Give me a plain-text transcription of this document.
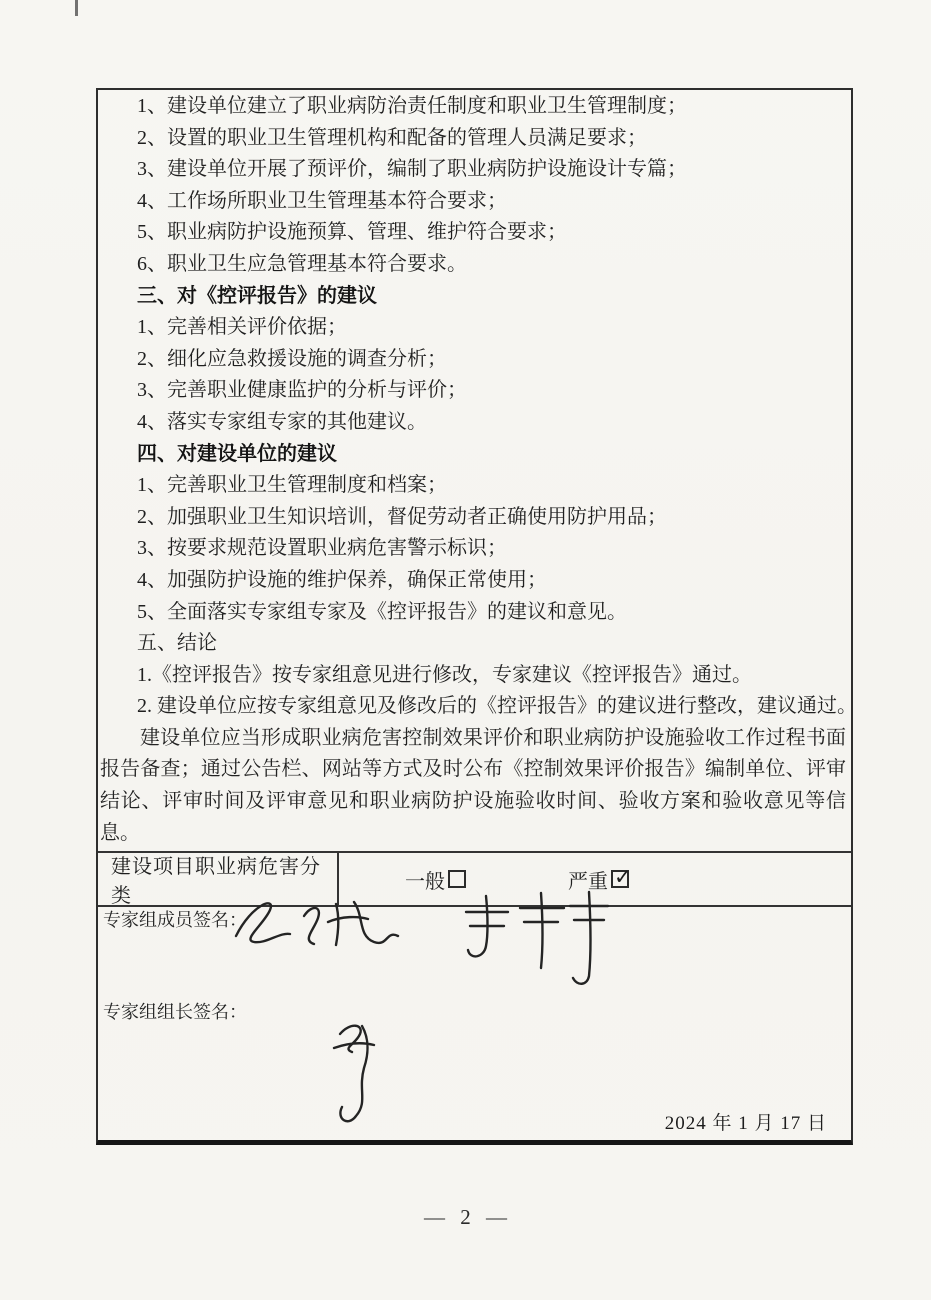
1、建设单位建立了职业病防治责任制度和职业卫生管理制度；
2、设置的职业卫生管理机构和配备的管理人员满足要求；
3、建设单位开展了预评价，编制了职业病防护设施设计专篇；
4、工作场所职业卫生管理基本符合要求；
5、职业病防护设施预算、管理、维护符合要求；
6、职业卫生应急管理基本符合要求。
三、对《控评报告》的建议
1、完善相关评价依据；
2、细化应急救援设施的调查分析；
3、完善职业健康监护的分析与评价；
4、落实专家组专家的其他建议。
四、对建设单位的建议
1、完善职业卫生管理制度和档案；
2、加强职业卫生知识培训，督促劳动者正确使用防护用品；
3、按要求规范设置职业病危害警示标识；
4、加强防护设施的维护保养，确保正常使用；
5、全面落实专家组专家及《控评报告》的建议和意见。
五、结论
1.《控评报告》按专家组意见进行修改，专家建议《控评报告》通过。
2. 建设单位应按专家组意见及修改后的《控评报告》的建议进行整改，建议通过。

建设单位应当形成职业病危害控制效果评价和职业病防护设施验收工作过程书面报告备查；通过公告栏、网站等方式及时公布《控制效果评价报告》编制单位、评审结论、评审时间及评审意见和职业病防护设施验收时间、验收方案和验收意见等信息。

建设项目职业病危害分类
一般	严重
✓
专家组成员签名：
专家组组长签名：
2024 年 1 月 17 日
— 2 —
